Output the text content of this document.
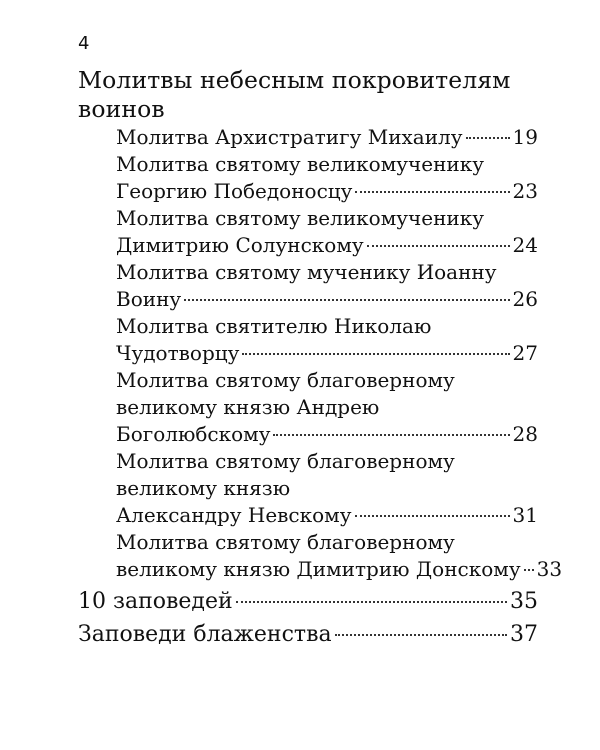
4
Молитвы небесным покровителям
воинов
Молитва Архистратигу Михаилу	19
Молитва святому великомученику
Георгию Победоносцу	23
Молитва святому великомученику
Димитрию Солунскому	24
Молитва святому мученику Иоанну
Воину	26
Молитва святителю Николаю
Чудотворцу	27
Молитва святому благоверному
великому князю Андрею
Боголюбскому	28
Молитва святому благоверному
великому князю
Александру Невскому	31
Молитва святому благоверному
великому князю Димитрию Донскому 33
10 заповедей	35
Заповеди блаженства	37
